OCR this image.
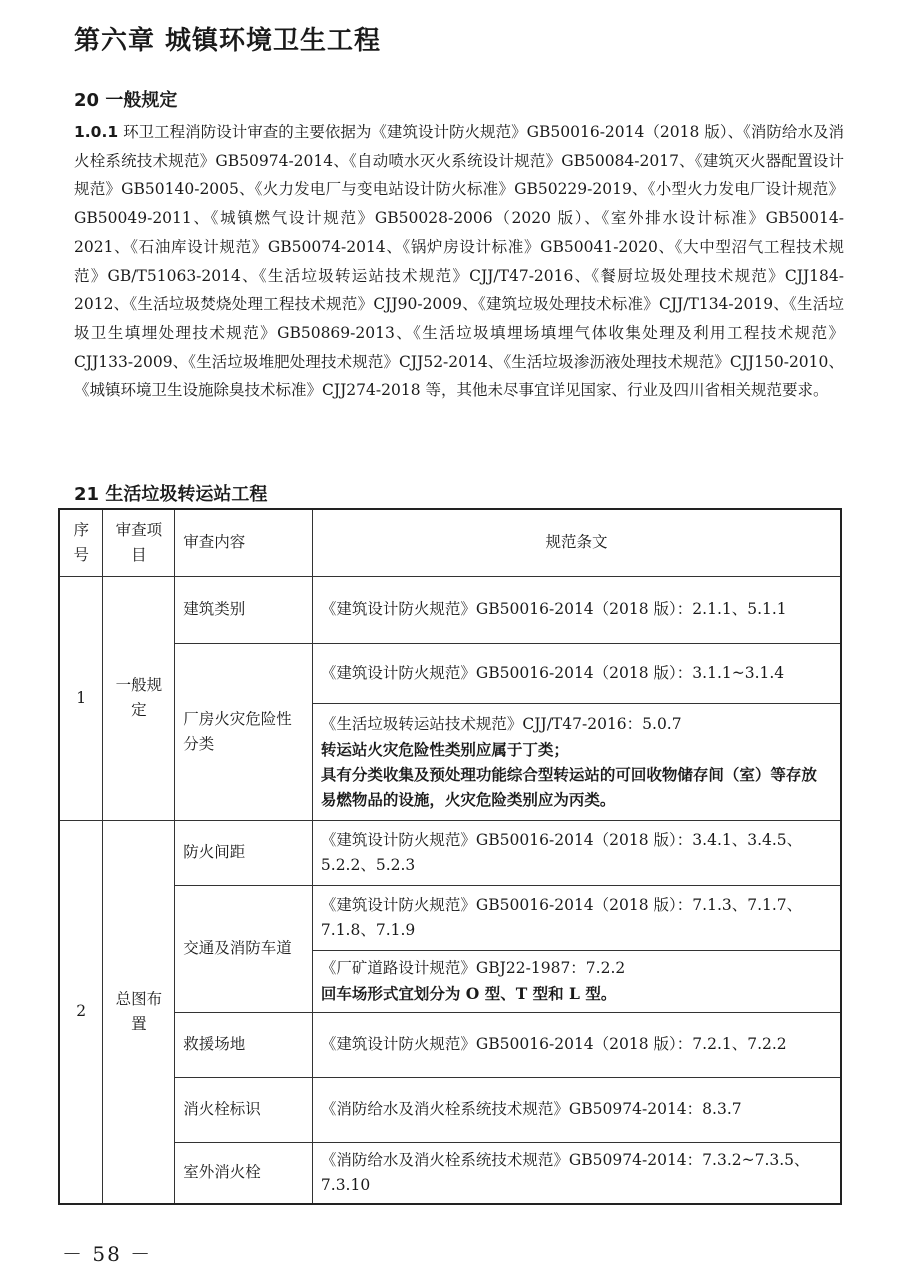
第六章 城镇环境卫生工程
20 一般规定
1.0.1 环卫工程消防设计审查的主要依据为《建筑设计防火规范》GB50016-2014（2018 版）、《消防给水及消火栓系统技术规范》GB50974-2014、《自动喷水灭火系统设计规范》GB50084-2017、《建筑灭火器配置设计规范》GB50140-2005、《火力发电厂与变电站设计防火标准》GB50229-2019、《小型火力发电厂设计规范》GB50049-2011、《城镇燃气设计规范》GB50028-2006（2020 版）、《室外排水设计标准》GB50014-2021、《石油库设计规范》GB50074-2014、《锅炉房设计标准》GB50041-2020、《大中型沼气工程技术规范》GB/T51063-2014、《生活垃圾转运站技术规范》CJJ/T47-2016、《餐厨垃圾处理技术规范》CJJ184-2012、《生活垃圾焚烧处理工程技术规范》CJJ90-2009、《建筑垃圾处理技术标准》CJJ/T134-2019、《生活垃圾卫生填埋处理技术规范》GB50869-2013、《生活垃圾填埋场填埋气体收集处理及利用工程技术规范》CJJ133-2009、《生活垃圾堆肥处理技术规范》CJJ52-2014、《生活垃圾渗沥液处理技术规范》CJJ150-2010、《城镇环境卫生设施除臭技术标准》CJJ274-2018 等，其他未尽事宜详见国家、行业及四川省相关规范要求。
21 生活垃圾转运站工程
序号	审查项目	审查内容	规范条文
1	一般规定	建筑类别	《建筑设计防火规范》GB50016-2014（2018 版）：2.1.1、5.1.1
		厂房火灾危险性分类	《建筑设计防火规范》GB50016-2014（2018 版）：3.1.1~3.1.4

			《生活垃圾转运站技术规范》CJJ/T47-2016：5.0.7
转运站火灾危险性类别应属于丁类；
具有分类收集及预处理功能综合型转运站的可回收物储存间（室）等存放易燃物品的设施，火灾危险类别应为丙类。

2	总图布置	防火间距	《建筑设计防火规范》GB50016-2014（2018 版）：3.4.1、3.4.5、5.2.2、5.2.3
		交通及消防车道	《建筑设计防火规范》GB50016-2014（2018 版）：7.1.3、7.1.7、7.1.8、7.1.9

			《厂矿道路设计规范》GBJ22-1987：7.2.2
回车场形式宜划分为 O 型、T 型和 L 型。

		救援场地	《建筑设计防火规范》GB50016-2014（2018 版）：7.2.1、7.2.2
		消火栓标识	《消防给水及消火栓系统技术规范》GB50974-2014：8.3.7
		室外消火栓	《消防给水及消火栓系统技术规范》GB50974-2014：7.3.2~7.3.5、7.3.10

－ 58 －
